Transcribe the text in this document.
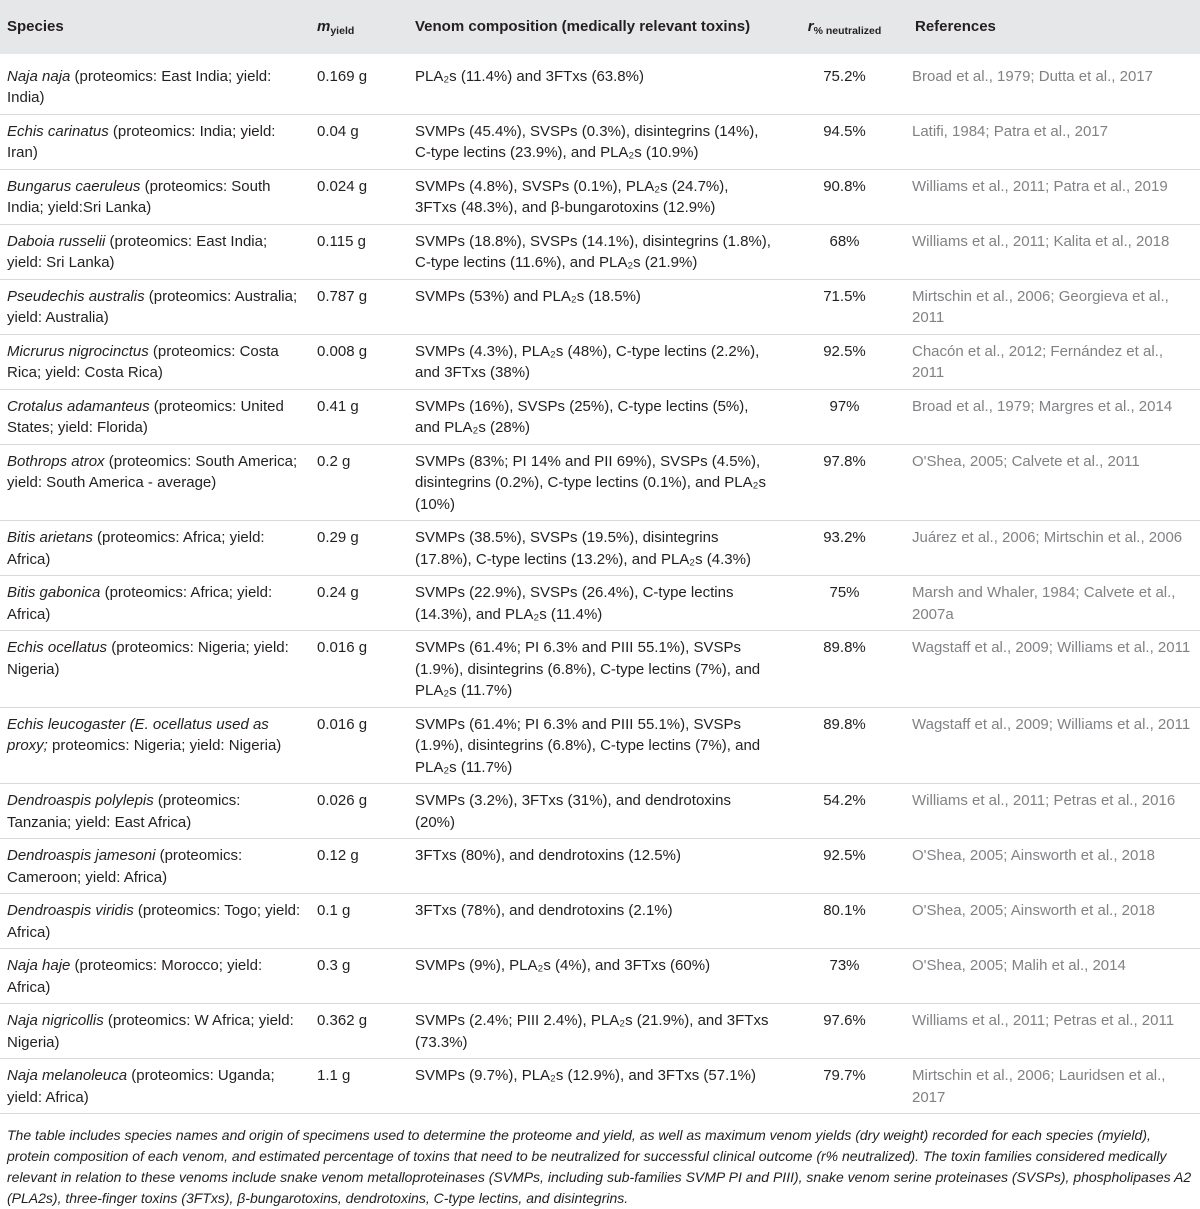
Species	$m_{yield}$	Venom composition (medically relevant toxins)	$r_{\% neutralized}$	References
Naja naja (proteomics: East India; yield: India)	0.169 g	PLA₂s (11.4%) and 3FTxs (63.8%)	75.2%	Broad et al., 1979; Dutta et al., 2017
Echis carinatus (proteomics: India; yield: Iran)	0.04 g	SVMPs (45.4%), SVSPs (0.3%), disintegrins (14%), C-type lectins (23.9%), and PLA₂s (10.9%)	94.5%	Latifi, 1984; Patra et al., 2017
Bungarus caeruleus (proteomics: South India; yield:Sri Lanka)	0.024 g	SVMPs (4.8%), SVSPs (0.1%), PLA₂s (24.7%), 3FTxs (48.3%), and β-bungarotoxins (12.9%)	90.8%	Williams et al., 2011; Patra et al., 2019
Daboia russelii (proteomics: East India; yield: Sri Lanka)	0.115 g	SVMPs (18.8%), SVSPs (14.1%), disintegrins (1.8%), C-type lectins (11.6%), and PLA₂s (21.9%)	68%	Williams et al., 2011; Kalita et al., 2018
Pseudechis australis (proteomics: Australia; yield: Australia)	0.787 g	SVMPs (53%) and PLA₂s (18.5%)	71.5%	Mirtschin et al., 2006; Georgieva et al., 2011
Micrurus nigrocinctus (proteomics: Costa Rica; yield: Costa Rica)	0.008 g	SVMPs (4.3%), PLA₂s (48%), C-type lectins (2.2%), and 3FTxs (38%)	92.5%	Chacón et al., 2012; Fernández et al., 2011
Crotalus adamanteus (proteomics: United States; yield: Florida)	0.41 g	SVMPs (16%), SVSPs (25%), C-type lectins (5%), and PLA₂s (28%)	97%	Broad et al., 1979; Margres et al., 2014
Bothrops atrox (proteomics: South America; yield: South America - average)	0.2 g	SVMPs (83%; PI 14% and PII 69%), SVSPs (4.5%), disintegrins (0.2%), C-type lectins (0.1%), and PLA₂s (10%)	97.8%	O'Shea, 2005; Calvete et al., 2011
Bitis arietans (proteomics: Africa; yield: Africa)	0.29 g	SVMPs (38.5%), SVSPs (19.5%), disintegrins (17.8%), C-type lectins (13.2%), and PLA₂s (4.3%)	93.2%	Juárez et al., 2006; Mirtschin et al., 2006
Bitis gabonica (proteomics: Africa; yield: Africa)	0.24 g	SVMPs (22.9%), SVSPs (26.4%), C-type lectins (14.3%), and PLA₂s (11.4%)	75%	Marsh and Whaler, 1984; Calvete et al., 2007a
Echis ocellatus (proteomics: Nigeria; yield: Nigeria)	0.016 g	SVMPs (61.4%; PI 6.3% and PIII 55.1%), SVSPs (1.9%), disintegrins (6.8%), C-type lectins (7%), and PLA₂s (11.7%)	89.8%	Wagstaff et al., 2009; Williams et al., 2011
Echis leucogaster (E. ocellatus used as proxy; proteomics: Nigeria; yield: Nigeria)	0.016 g	SVMPs (61.4%; PI 6.3% and PIII 55.1%), SVSPs (1.9%), disintegrins (6.8%), C-type lectins (7%), and PLA₂s (11.7%)	89.8%	Wagstaff et al., 2009; Williams et al., 2011
Dendroaspis polylepis (proteomics: Tanzania; yield: East Africa)	0.026 g	SVMPs (3.2%), 3FTxs (31%), and dendrotoxins (20%)	54.2%	Williams et al., 2011; Petras et al., 2016
Dendroaspis jamesoni (proteomics: Cameroon; yield: Africa)	0.12 g	3FTxs (80%), and dendrotoxins (12.5%)	92.5%	O'Shea, 2005; Ainsworth et al., 2018
Dendroaspis viridis (proteomics: Togo; yield: Africa)	0.1 g	3FTxs (78%), and dendrotoxins (2.1%)	80.1%	O'Shea, 2005; Ainsworth et al., 2018
Naja haje (proteomics: Morocco; yield: Africa)	0.3 g	SVMPs (9%), PLA₂s (4%), and 3FTxs (60%)	73%	O'Shea, 2005; Malih et al., 2014
Naja nigricollis (proteomics: W Africa; yield: Nigeria)	0.362 g	SVMPs (2.4%; PIII 2.4%), PLA₂s (21.9%), and 3FTxs (73.3%)	97.6%	Williams et al., 2011; Petras et al., 2011
Naja melanoleuca (proteomics: Uganda; yield: Africa)	1.1 g	SVMPs (9.7%), PLA₂s (12.9%), and 3FTxs (57.1%)	79.7%	Mirtschin et al., 2006; Lauridsen et al., 2017
The table includes species names and origin of specimens used to determine the proteome and yield, as well as maximum venom yields (dry weight) recorded for each species (myield), protein composition of each venom, and estimated percentage of toxins that need to be neutralized for successful clinical outcome (r% neutralized). The toxin families considered medically relevant in relation to these venoms include snake venom metalloproteinases (SVMPs, including sub-families SVMP PI and PIII), snake venom serine proteinases (SVSPs), phospholipases A2 (PLA2s), three-finger toxins (3FTxs), β-bungarotoxins, dendrotoxins, C-type lectins, and disintegrins.
